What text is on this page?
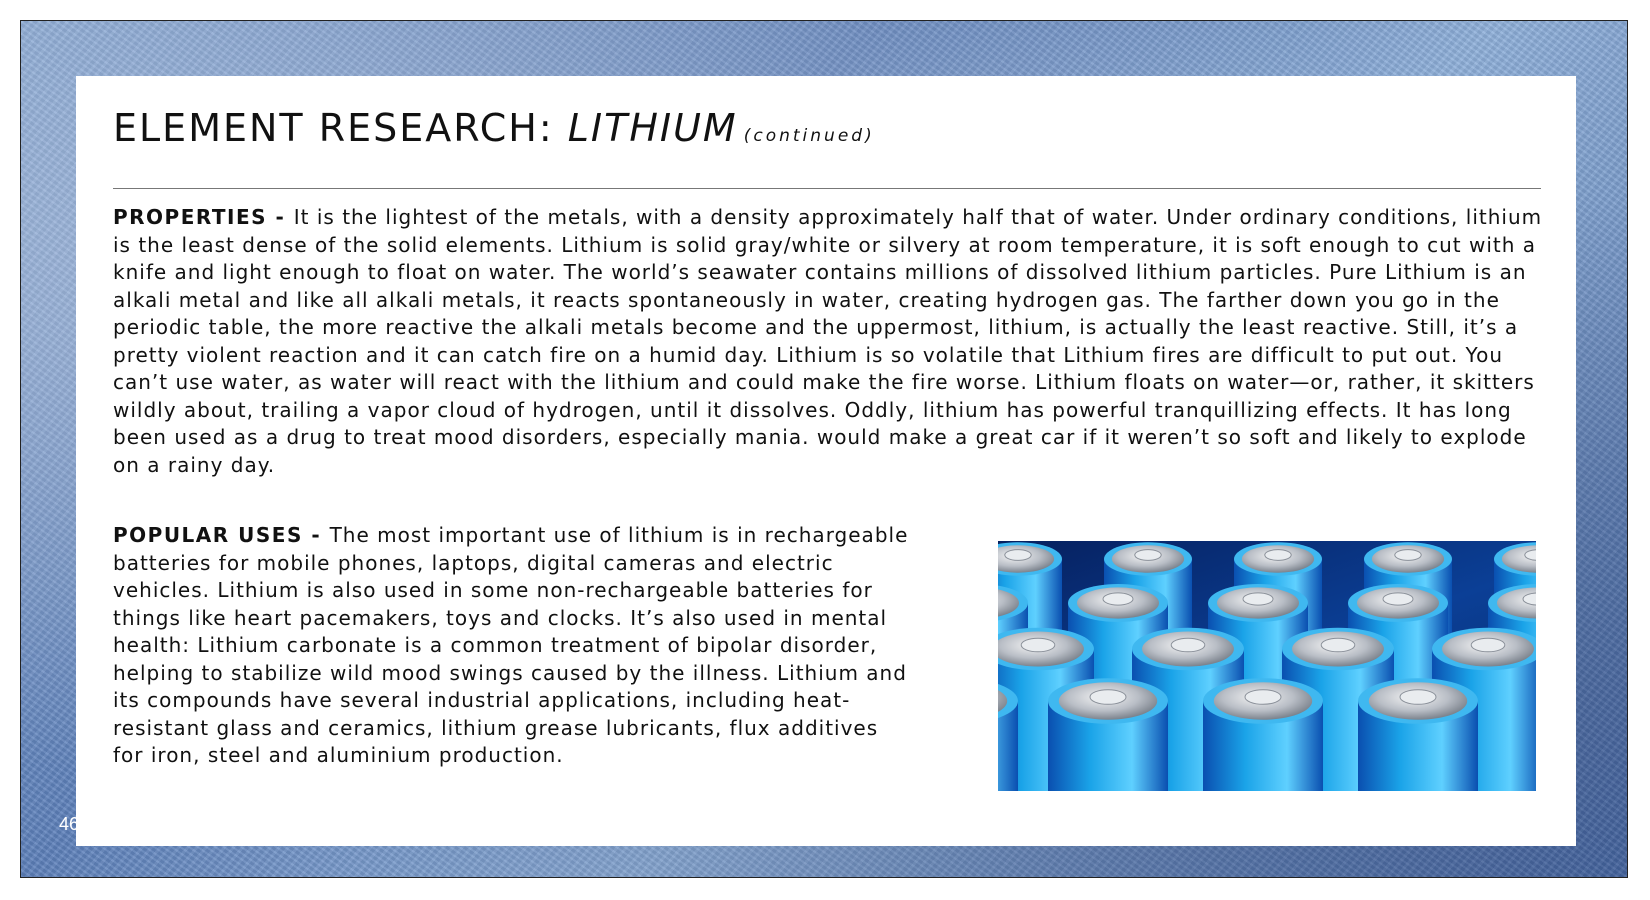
ELEMENT RESEARCH: LITHIUM (continued)

PROPERTIES - It is the lightest of the metals, with a density approximately half that of water. Under ordinary conditions, lithium is the least dense of the solid elements. Lithium is solid gray/white or silvery at room temperature, it is soft enough to cut with a knife and light enough to float on water. The world’s seawater contains millions of dissolved lithium particles. Pure Lithium is an alkali metal and like all alkali metals, it reacts spontaneously in water, creating hydrogen gas. The farther down you go in the periodic table, the more reactive the alkali metals become and the uppermost, lithium, is actually the least reactive. Still, it’s a pretty violent reaction and it can catch fire on a humid day. Lithium is so volatile that Lithium fires are difficult to put out. You can’t use water, as water will react with the lithium and could make the fire worse. Lithium floats on water—or, rather, it skitters wildly about, trailing a vapor cloud of hydrogen, until it dissolves. Oddly, lithium has powerful tranquillizing effects. It has long been used as a drug to treat mood disorders, especially mania. would make a great car if it weren’t so soft and likely to explode on a rainy day.

POPULAR USES - The most important use of lithium is in rechargeable batteries for mobile phones, laptops, digital cameras and electric vehicles. Lithium is also used in some non-rechargeable batteries for things like heart pacemakers, toys and clocks. It’s also used in mental health: Lithium carbonate is a common treatment of bipolar disorder, helping to stabilize wild mood swings caused by the illness. Lithium and its compounds have several industrial applications, including heat-resistant glass and ceramics, lithium grease lubricants, flux additives for iron, steel and aluminium production.

46
